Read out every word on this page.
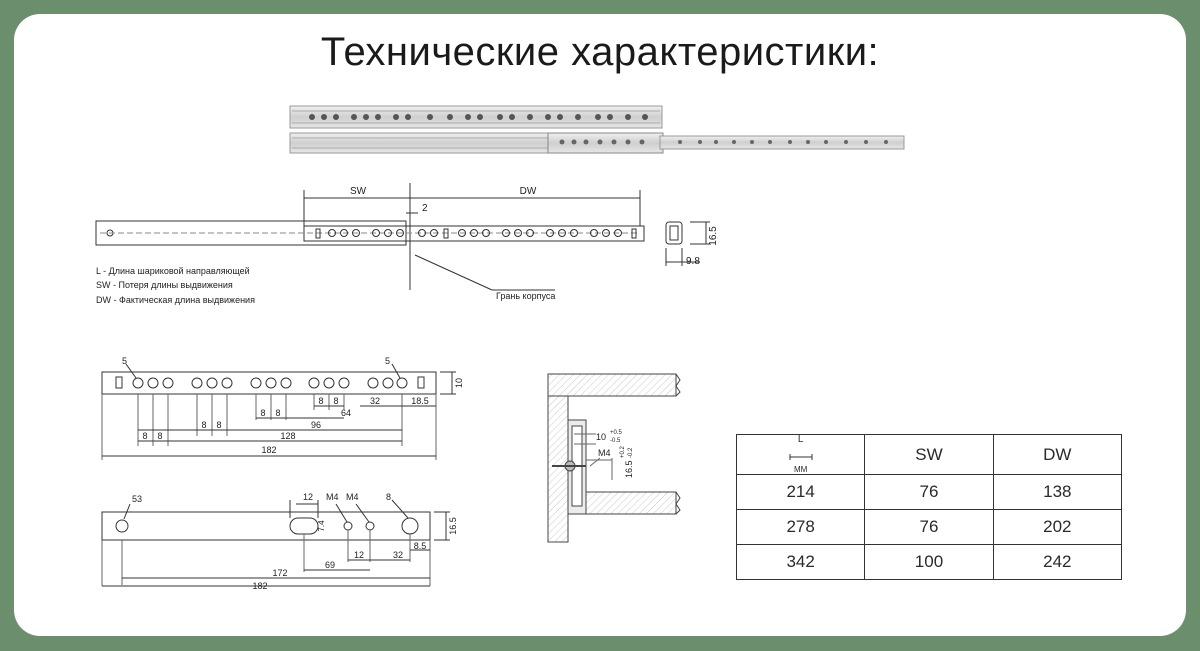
Технические характеристики:
SW	DW
2
16.5
9.8
Грань корпуса
L - Длина шариковой направляющей
SW - Потеря длины выдвижения
DW - Фактическая длина выдвижения
5	5
10
8 8	32	18.5
8 8	64
8 8	96
8 8	128
182
53	12 M4 M4	8
7.4	16.5
8.5
12	32
69
172
182
10 +0.5
-0.5
M4
16.5
+0.2 -0.2
L
ММ	SW	DW
214	76	138
278	76	202
342	100	242
